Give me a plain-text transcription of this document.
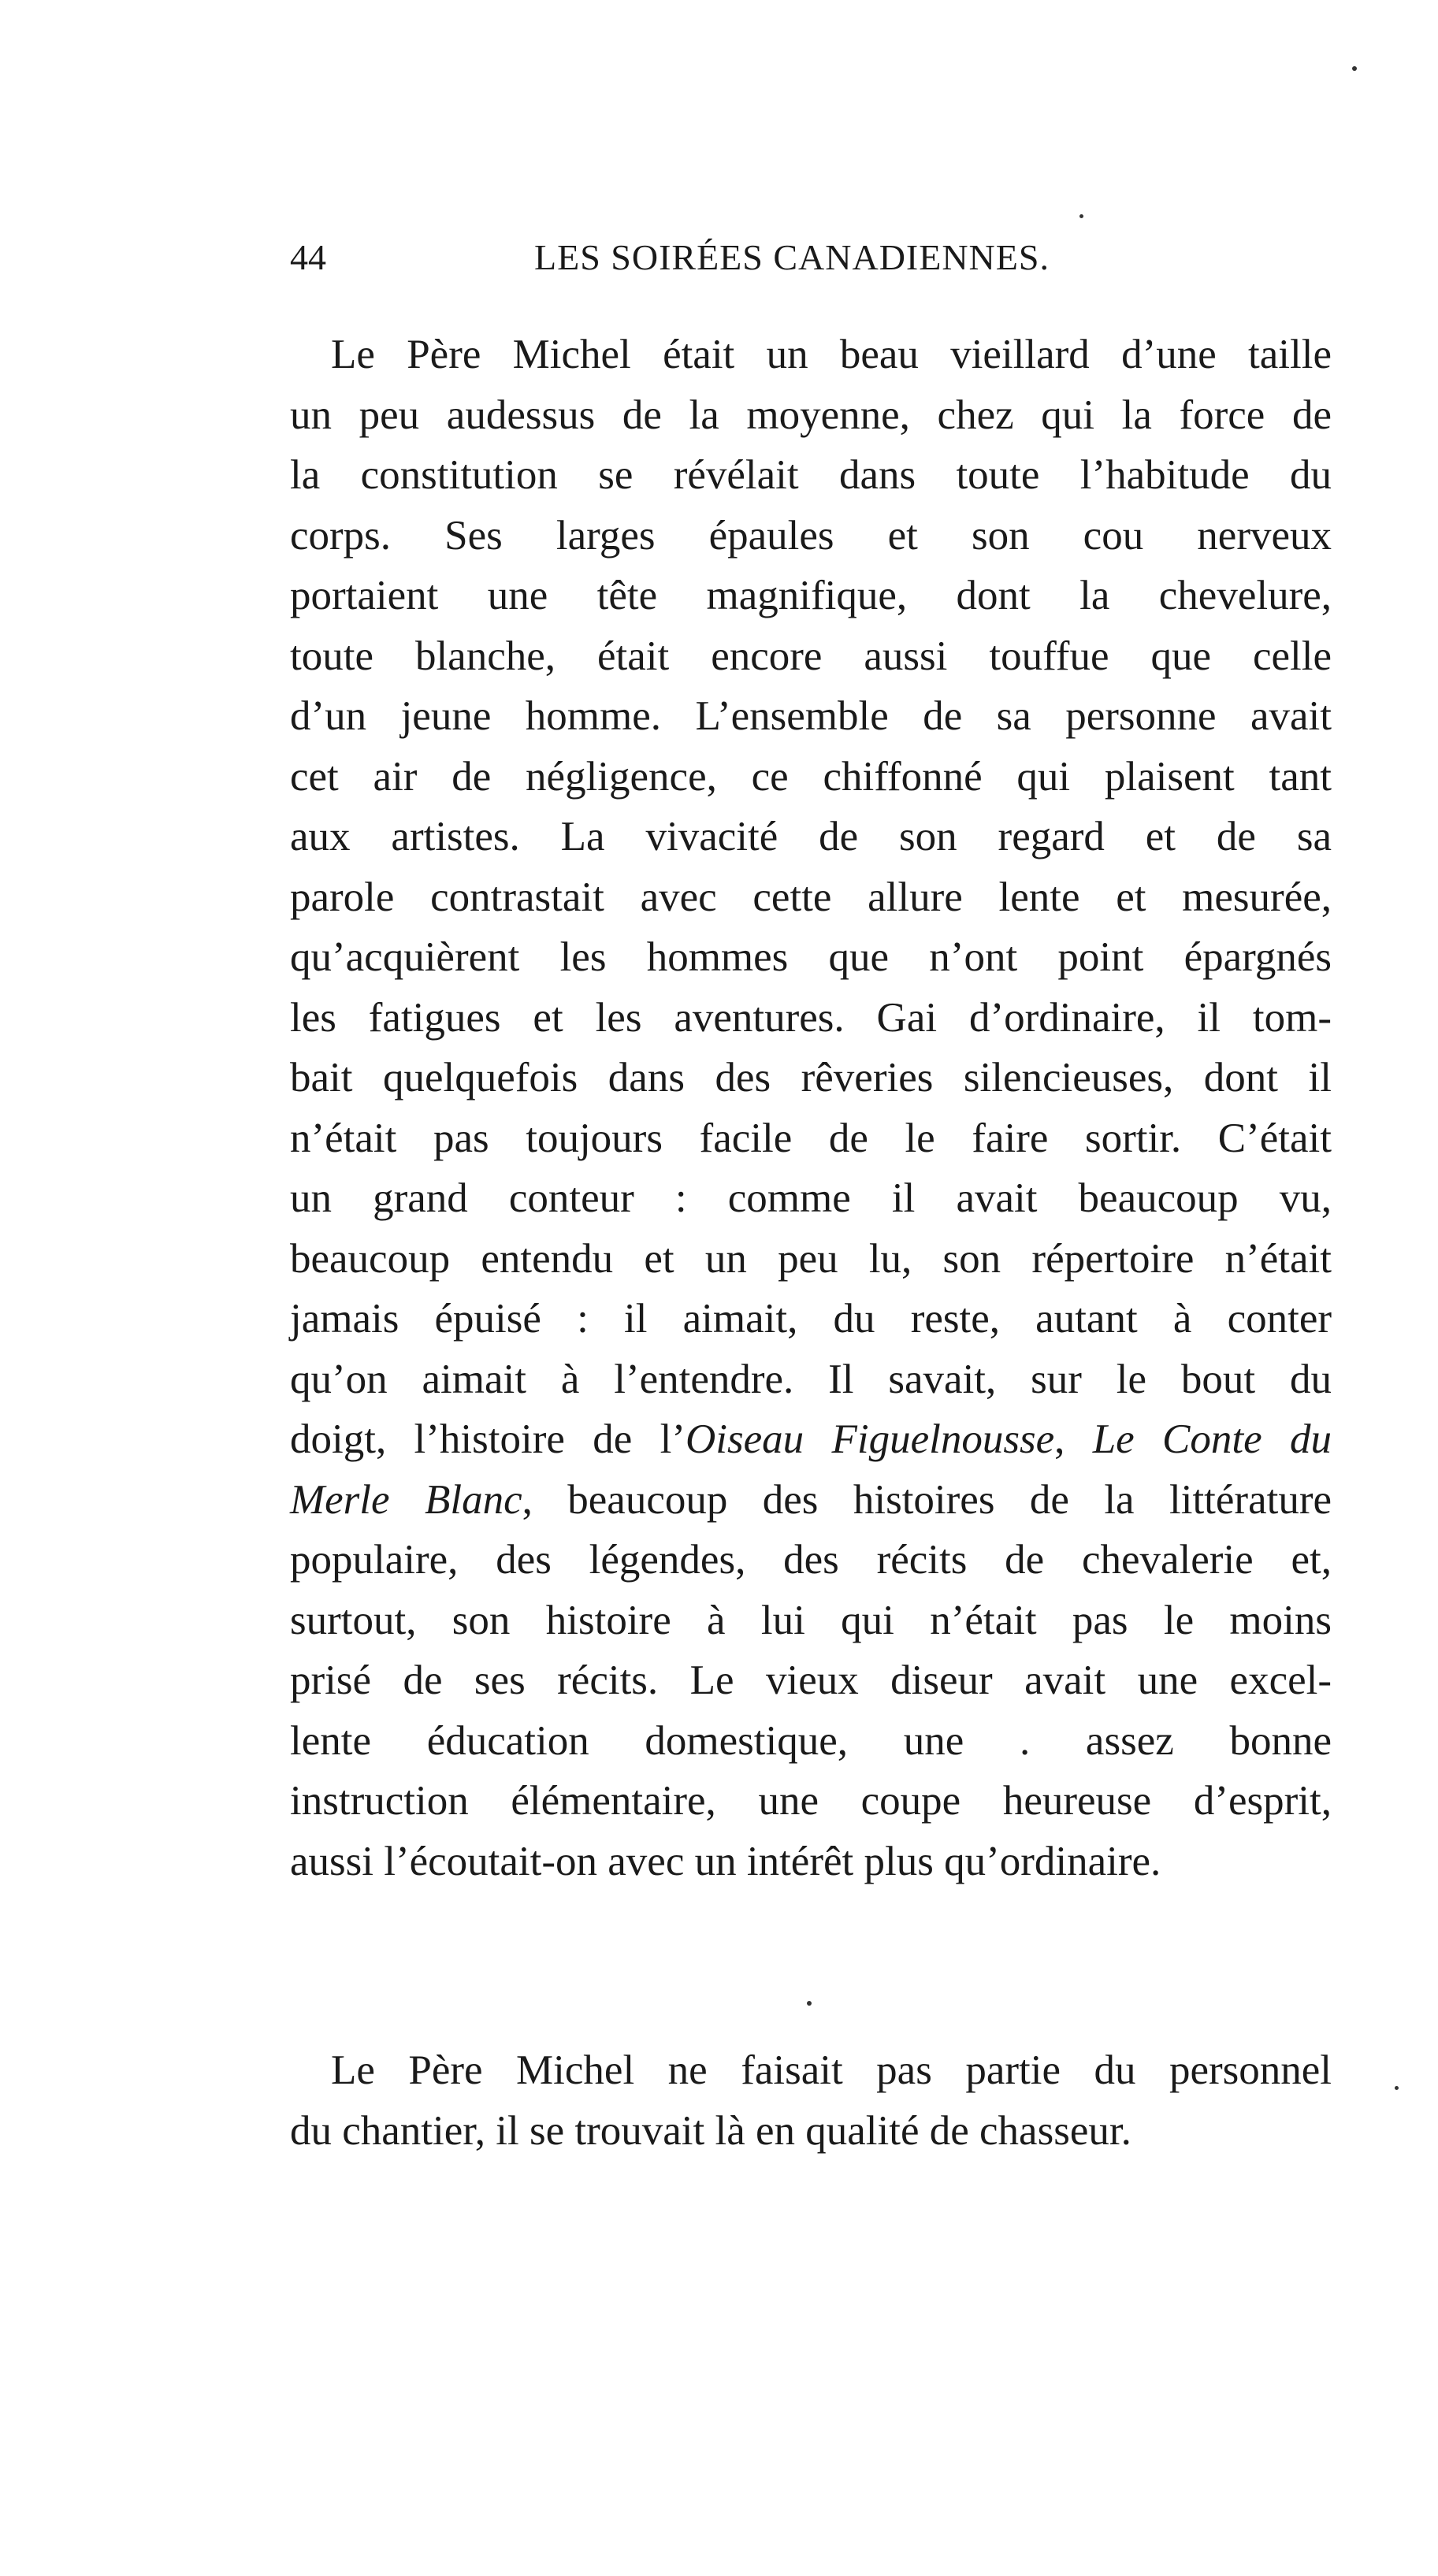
44	LES SOIRÉES CANADIENNES.
Le Père Michel était un beau vieillard d’une taille
un peu audessus de la moyenne, chez qui la force de
la constitution se révélait dans toute l’habitude du
corps. Ses larges épaules et son cou nerveux
portaient une tête magnifique, dont la chevelure,
toute blanche, était encore aussi touffue que celle
d’un jeune homme. L’ensemble de sa personne avait
cet air de négligence, ce chiffonné qui plaisent tant
aux artistes. La vivacité de son regard et de sa
parole contrastait avec cette allure lente et mesurée,
qu’acquièrent les hommes que n’ont point épargnés
les fatigues et les aventures. Gai d’ordinaire, il tom-
bait quelquefois dans des rêveries silencieuses, dont il
n’était pas toujours facile de le faire sortir. C’était
un grand conteur : comme il avait beaucoup vu,
beaucoup entendu et un peu lu, son répertoire n’était
jamais épuisé : il aimait, du reste, autant à conter
qu’on aimait à l’entendre. Il savait, sur le bout du
doigt, l’histoire de l’Oiseau Figuelnousse, Le Conte du
Merle Blanc, beaucoup des histoires de la littérature
populaire, des légendes, des récits de chevalerie et,
surtout, son histoire à lui qui n’était pas le moins
prisé de ses récits. Le vieux diseur avait une excel-
lente éducation domestique, une . assez bonne
instruction élémentaire, une coupe heureuse d’esprit,
aussi l’écoutait-on avec un intérêt plus qu’ordinaire.
Le Père Michel ne faisait pas partie du personnel
du chantier, il se trouvait là en qualité de chasseur.
